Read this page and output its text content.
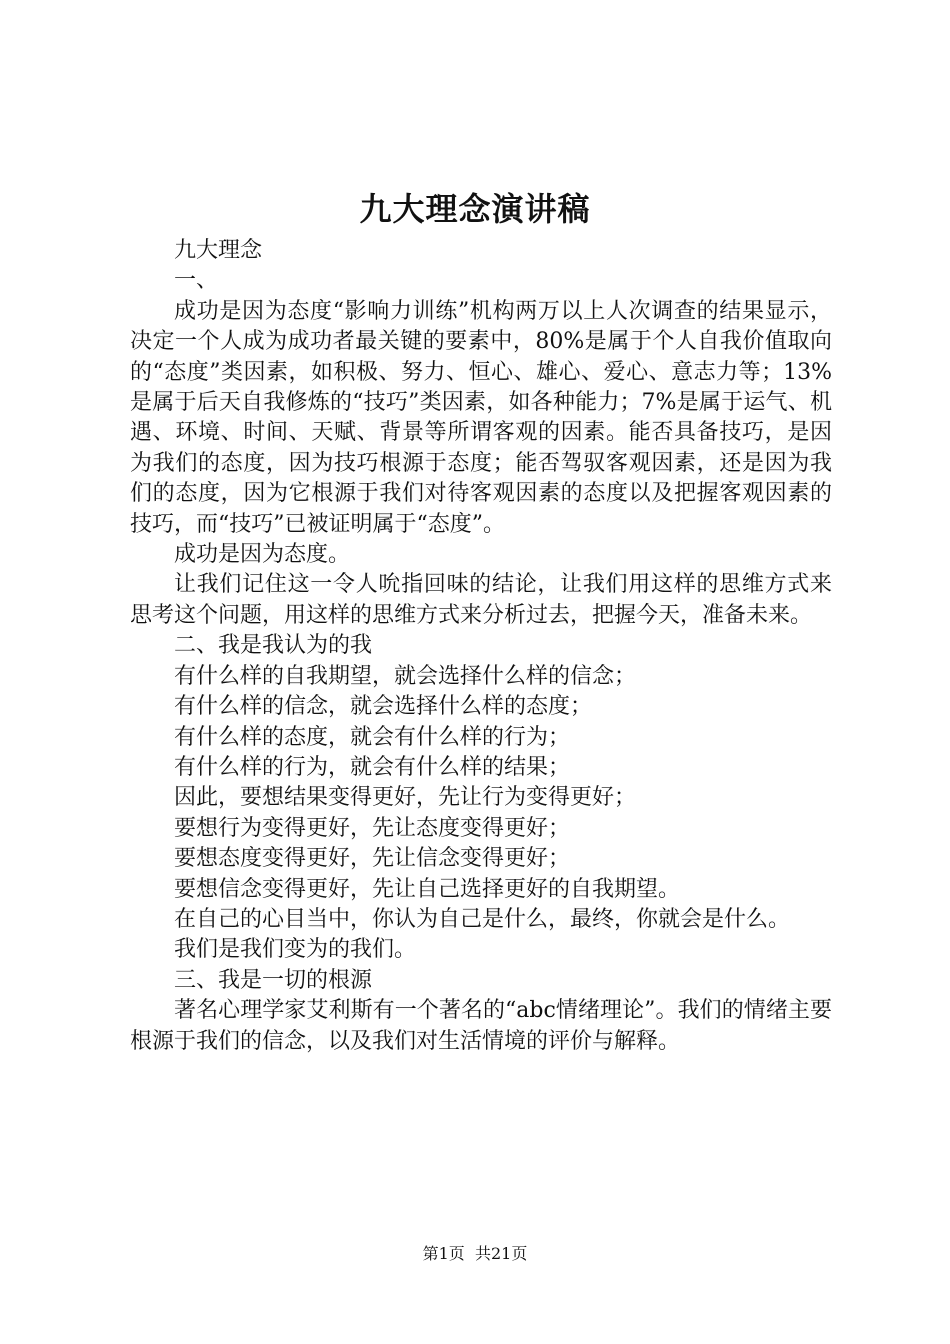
九大理念演讲稿

九大理念

一、

成功是因为态度“影响力训练”机构两万以上人次调查的结果显示，决定一个人成为成功者最关键的要素中，80%是属于个人自我价值取向的“态度”类因素，如积极、努力、恒心、雄心、爱心、意志力等；13%是属于后天自我修炼的“技巧”类因素，如各种能力；7%是属于运气、机遇、环境、时间、天赋、背景等所谓客观的因素。能否具备技巧，是因为我们的态度，因为技巧根源于态度；能否驾驭客观因素，还是因为我们的态度，因为它根源于我们对待客观因素的态度以及把握客观因素的技巧，而“技巧”已被证明属于“态度”。

成功是因为态度。

让我们记住这一令人吮指回味的结论，让我们用这样的思维方式来思考这个问题，用这样的思维方式来分析过去，把握今天，准备未来。

二、我是我认为的我

有什么样的自我期望，就会选择什么样的信念；

有什么样的信念，就会选择什么样的态度；

有什么样的态度，就会有什么样的行为；

有什么样的行为，就会有什么样的结果；

因此，要想结果变得更好，先让行为变得更好；

要想行为变得更好，先让态度变得更好；

要想态度变得更好，先让信念变得更好；

要想信念变得更好，先让自己选择更好的自我期望。

在自己的心目当中，你认为自己是什么，最终，你就会是什么。

我们是我们变为的我们。

三、我是一切的根源

著名心理学家艾利斯有一个著名的“abc情绪理论”。我们的情绪主要根源于我们的信念，以及我们对生活情境的评价与解释。

第1页 共21页
